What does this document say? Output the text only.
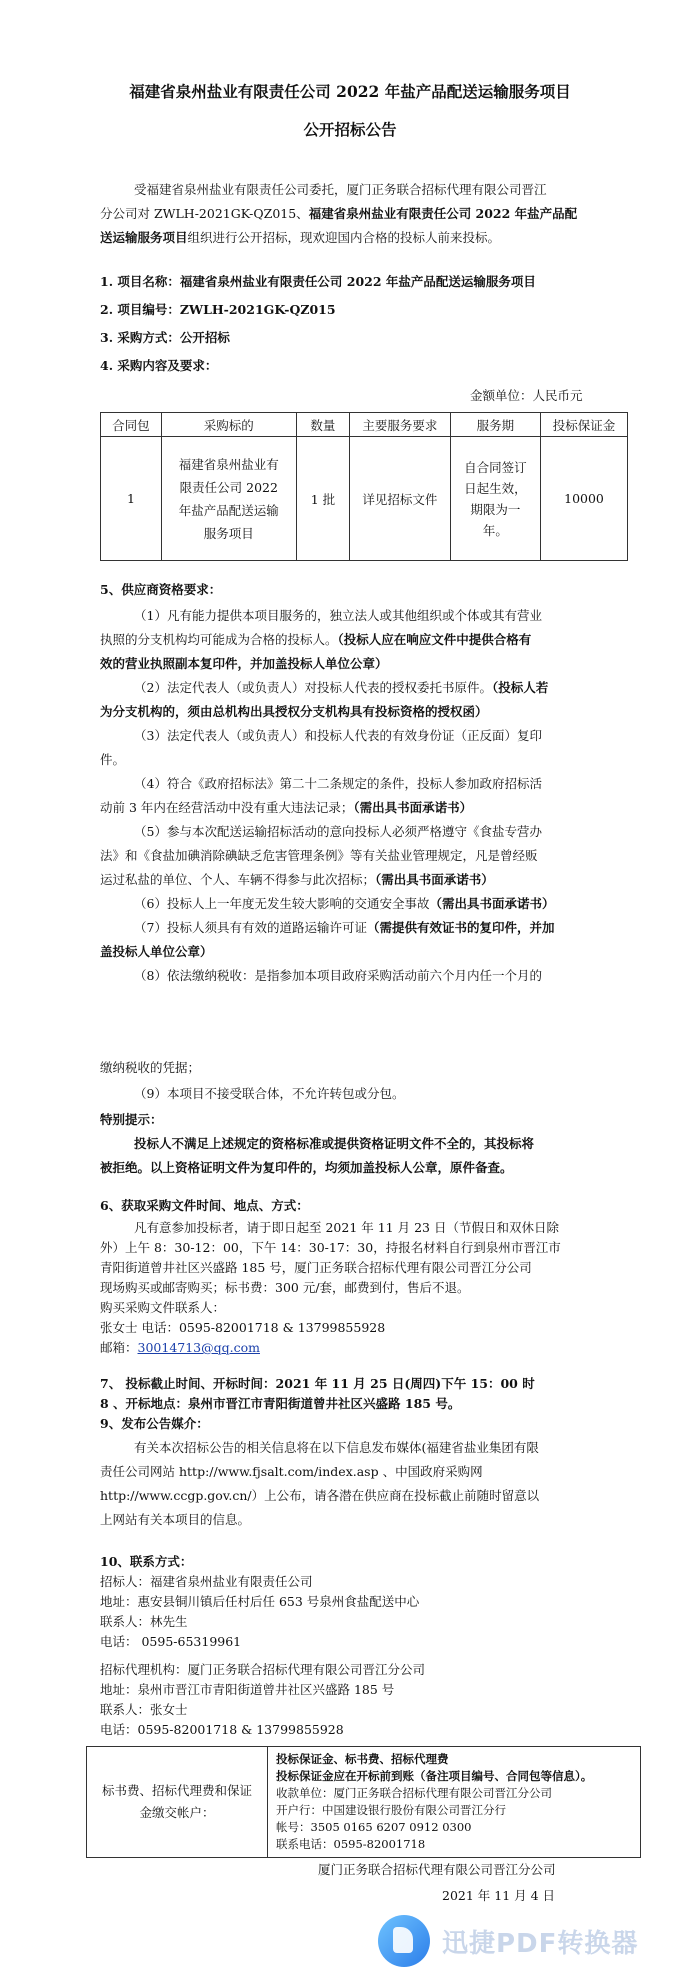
福建省泉州盐业有限责任公司 2022 年盐产品配送运输服务项目
公开招标公告
受福建省泉州盐业有限责任公司委托，厦门正务联合招标代理有限公司晋江
分公司对 ZWLH-2021GK-QZ015、福建省泉州盐业有限责任公司 2022 年盐产品配
送运输服务项目组织进行公开招标，现欢迎国内合格的投标人前来投标。
1. 项目名称：福建省泉州盐业有限责任公司 2022 年盐产品配送运输服务项目
2. 项目编号：ZWLH-2021GK-QZ015
3. 采购方式：公开招标
4. 采购内容及要求：
金额单位：人民币元
合同包	采购标的	数量	主要服务要求	服务期	投标保证金
1	福建省泉州盐业有限责任公司 2022 年盐产品配送运输服务项目	1 批	详见招标文件	自合同签订日起生效，期限为一年。	10000
5、供应商资格要求：
（1）凡有能力提供本项目服务的，独立法人或其他组织或个体或其有营业
执照的分支机构均可能成为合格的投标人。（投标人应在响应文件中提供合格有
效的营业执照副本复印件，并加盖投标人单位公章）
（2）法定代表人（或负责人）对投标人代表的授权委托书原件。（投标人若
为分支机构的，须由总机构出具授权分支机构具有投标资格的授权函）
（3）法定代表人（或负责人）和投标人代表的有效身份证（正反面）复印
件。
（4）符合《政府招标法》第二十二条规定的条件，投标人参加政府招标活
动前 3 年内在经营活动中没有重大违法记录；（需出具书面承诺书）
（5）参与本次配送运输招标活动的意向投标人必须严格遵守《食盐专营办
法》和《食盐加碘消除碘缺乏危害管理条例》等有关盐业管理规定，凡是曾经贩
运过私盐的单位、个人、车辆不得参与此次招标；（需出具书面承诺书）
（6）投标人上一年度无发生较大影响的交通安全事故（需出具书面承诺书）
（7）投标人须具有有效的道路运输许可证（需提供有效证书的复印件，并加
盖投标人单位公章）
（8）依法缴纳税收：是指参加本项目政府采购活动前六个月内任一个月的
缴纳税收的凭据；
（9）本项目不接受联合体，不允许转包或分包。
特别提示：
投标人不满足上述规定的资格标准或提供资格证明文件不全的，其投标将
被拒绝。以上资格证明文件为复印件的，均须加盖投标人公章，原件备查。
6、获取采购文件时间、地点、方式：
凡有意参加投标者，请于即日起至 2021 年 11 月 23 日（节假日和双休日除
外）上午 8：30-12：00，下午 14：30-17：30，持报名材料自行到泉州市晋江市
青阳街道曾井社区兴盛路 185 号，厦门正务联合招标代理有限公司晋江分公司
现场购买或邮寄购买；标书费：300 元/套，邮费到付，售后不退。
购买采购文件联系人：
张女士 电话：0595-82001718 & 13799855928
邮箱：30014713@qq.com
7、 投标截止时间、开标时间：2021 年 11 月 25 日(周四)下午 15：00 时
8 、开标地点：泉州市晋江市青阳街道曾井社区兴盛路 185 号。
9、发布公告媒介：
有关本次招标公告的相关信息将在以下信息发布媒体(福建省盐业集团有限
责任公司网站 http://www.fjsalt.com/index.asp 、中国政府采购网
http://www.ccgp.gov.cn/）上公布，请各潜在供应商在投标截止前随时留意以
上网站有关本项目的信息。
10、联系方式：
招标人：福建省泉州盐业有限责任公司
地址：惠安县铜川镇后任村后任 653 号泉州食盐配送中心
联系人：林先生
电话： 0595-65319961
招标代理机构：厦门正务联合招标代理有限公司晋江分公司
地址：泉州市晋江市青阳街道曾井社区兴盛路 185 号
联系人：张女士
电话：0595-82001718 & 13799855928
标书费、招标代理费和保证金缴交帐户：	
投标保证金、标书费、招标代理费
投标保证金应在开标前到账（备注项目编号、合同包等信息）。
收款单位：厦门正务联合招标代理有限公司晋江分公司
开户行：中国建设银行股份有限公司晋江分行
帐号：3505 0165 6207 0912 0300
联系电话：0595-82001718
厦门正务联合招标代理有限公司晋江分公司
2021 年 11 月 4 日
迅捷PDF转换器
